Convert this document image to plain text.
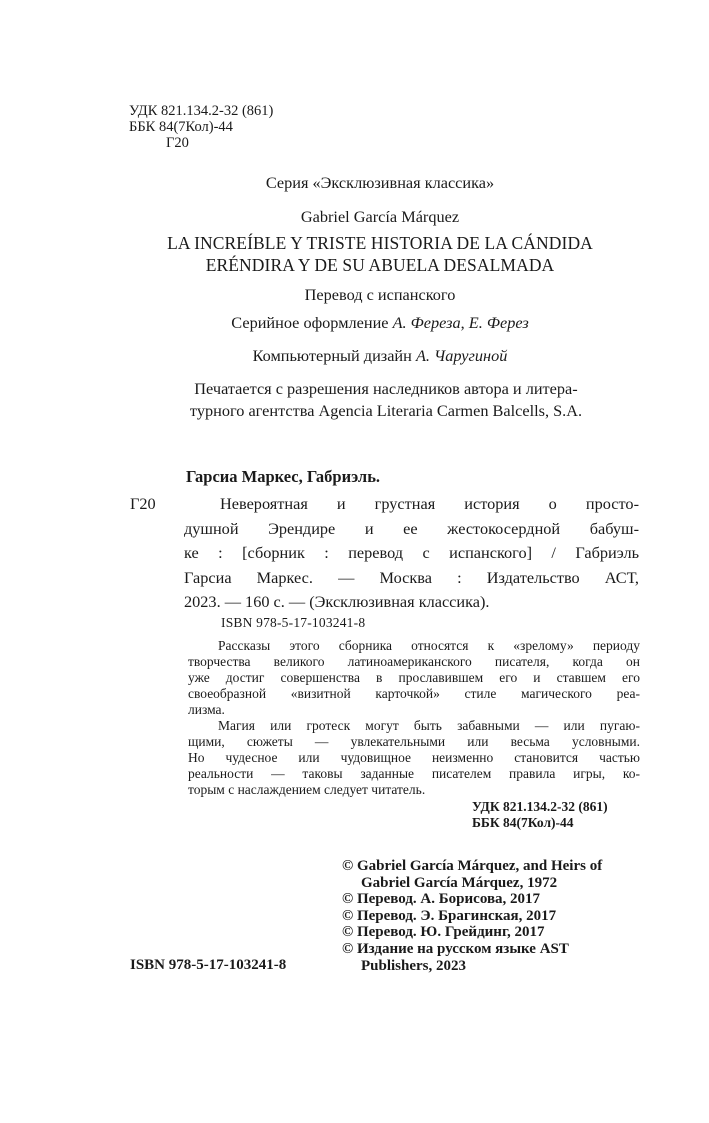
УДК 821.134.2-32 (861)
ББК 84(7Кол)-44
Г20
Серия «Эксклюзивная классика»
Gabriel García Márquez
LA INCREÍBLE Y TRISTE HISTORIA DE LA CÁNDIDA
ERÉNDIRA Y DE SU ABUELA DESALMADA
Перевод с испанского
Серийное оформление А. Фереза, Е. Ферез
Компьютерный дизайн А. Чаругиной
Печатается с разрешения наследников автора и литера-
турного агентства Agencia Literaria Carmen Balcells, S.A.
Гарсиа Маркес, Габриэль.
Г20	Невероятная и грустная история о просто-
душной Эрендире и ее жестокосердной бабуш-
ке : [сборник : перевод с испанского] / Габриэль
Гарсиа Маркес. — Москва : Издательство АСТ,
2023. — 160 с. — (Эксклюзивная классика).
ISBN 978-5-17-103241-8
Рассказы этого сборника относятся к «зрелому» периоду
творчества великого латиноамериканского писателя, когда он
уже достиг совершенства в прославившем его и ставшем его
своеобразной «визитной карточкой» стиле магического реа-
лизма.
Магия или гротеск могут быть забавными — или пугаю-
щими, сюжеты — увлекательными или весьма условными.
Но чудесное или чудовищное неизменно становится частью
реальности — таковы заданные писателем правила игры, ко-
торым с наслаждением следует читатель.
УДК 821.134.2-32 (861)
ББК 84(7Кол)-44
© Gabriel García Márquez, and Heirs of
Gabriel García Márquez, 1972
© Перевод. А. Борисова, 2017
© Перевод. Э. Брагинская, 2017
© Перевод. Ю. Грейдинг, 2017
© Издание на русском языке AST
Publishers, 2023
ISBN 978-5-17-103241-8
